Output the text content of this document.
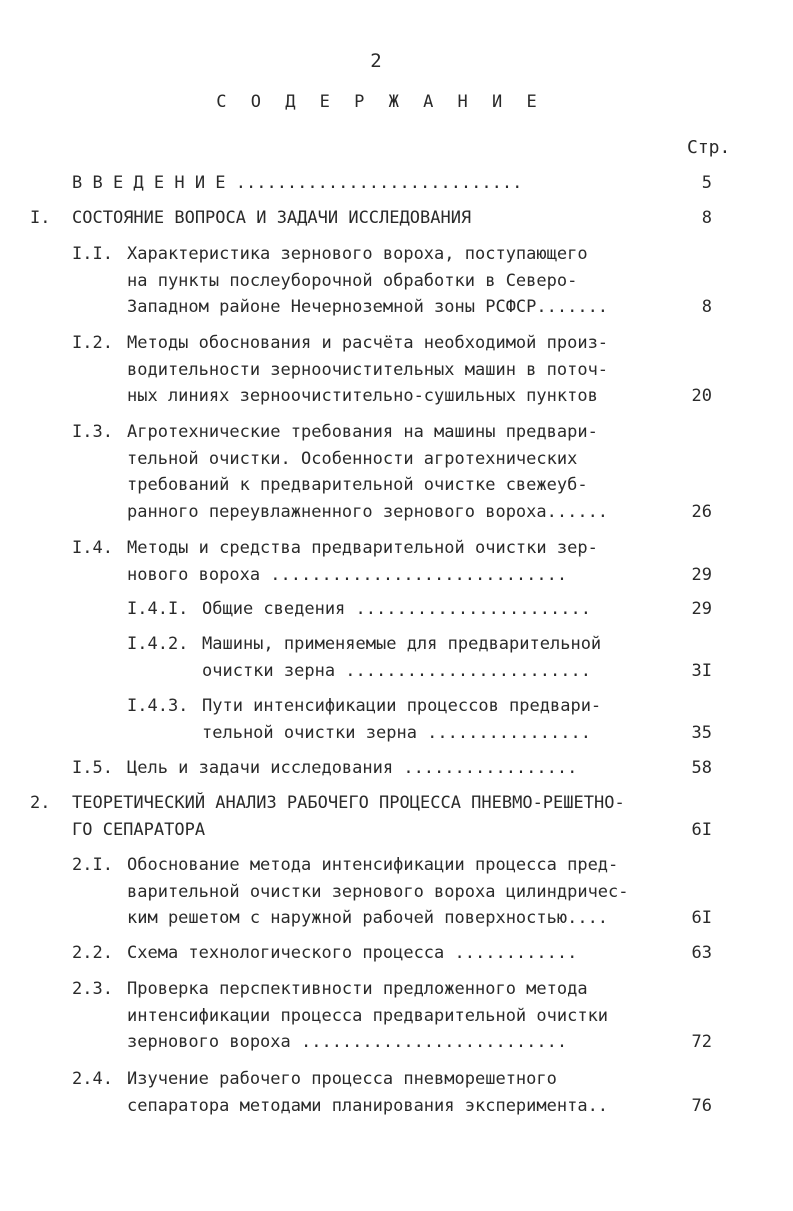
2
С О Д Е Р Ж А Н И Е
Стр.
В В Е Д Е Н И Е ............................	5
I. СОСТОЯНИЕ ВОПРОСА И ЗАДАЧИ ИССЛЕДОВАНИЯ	8
I.I. Характеристика зернового вороха, поступающего
на пункты послеуборочной обработки в Северо-
Западном районе Нечерноземной зоны РСФСР.......	8
I.2. Методы обоснования и расчёта необходимой произ-
водительности зерноочистительных машин в поточ-
ных линиях зерноочистительно-сушильных пунктов	20
I.3. Агротехнические требования на машины предвари-
тельной очистки. Особенности агротехнических
требований к предварительной очистке свежеуб-
ранного переувлажненного зернового вороха......	26
I.4. Методы и средства предварительной очистки зер-
нового вороха .............................	29
I.4.I. Общие сведения .......................	29
I.4.2. Машины, применяемые для предварительной
очистки зерна ........................	3I
I.4.3. Пути интенсификации процессов предвари-
тельной очистки зерна ................	35
I.5. Цель и задачи исследования .................	58
2. ТЕОРЕТИЧЕСКИЙ АНАЛИЗ РАБОЧЕГО ПРОЦЕССА ПНЕВМО-РЕШЕТНО-
ГО СЕПАРАТОРА	6I
2.I. Обоснование метода интенсификации процесса пред-
варительной очистки зернового вороха цилиндричес-
ким решетом с наружной рабочей поверхностью....	6I
2.2. Схема технологического процесса ............	63
2.3. Проверка перспективности предложенного метода
интенсификации процесса предварительной очистки
зернового вороха ..........................	72
2.4. Изучение рабочего процесса пневморешетного
сепаратора методами планирования эксперимента..	76
